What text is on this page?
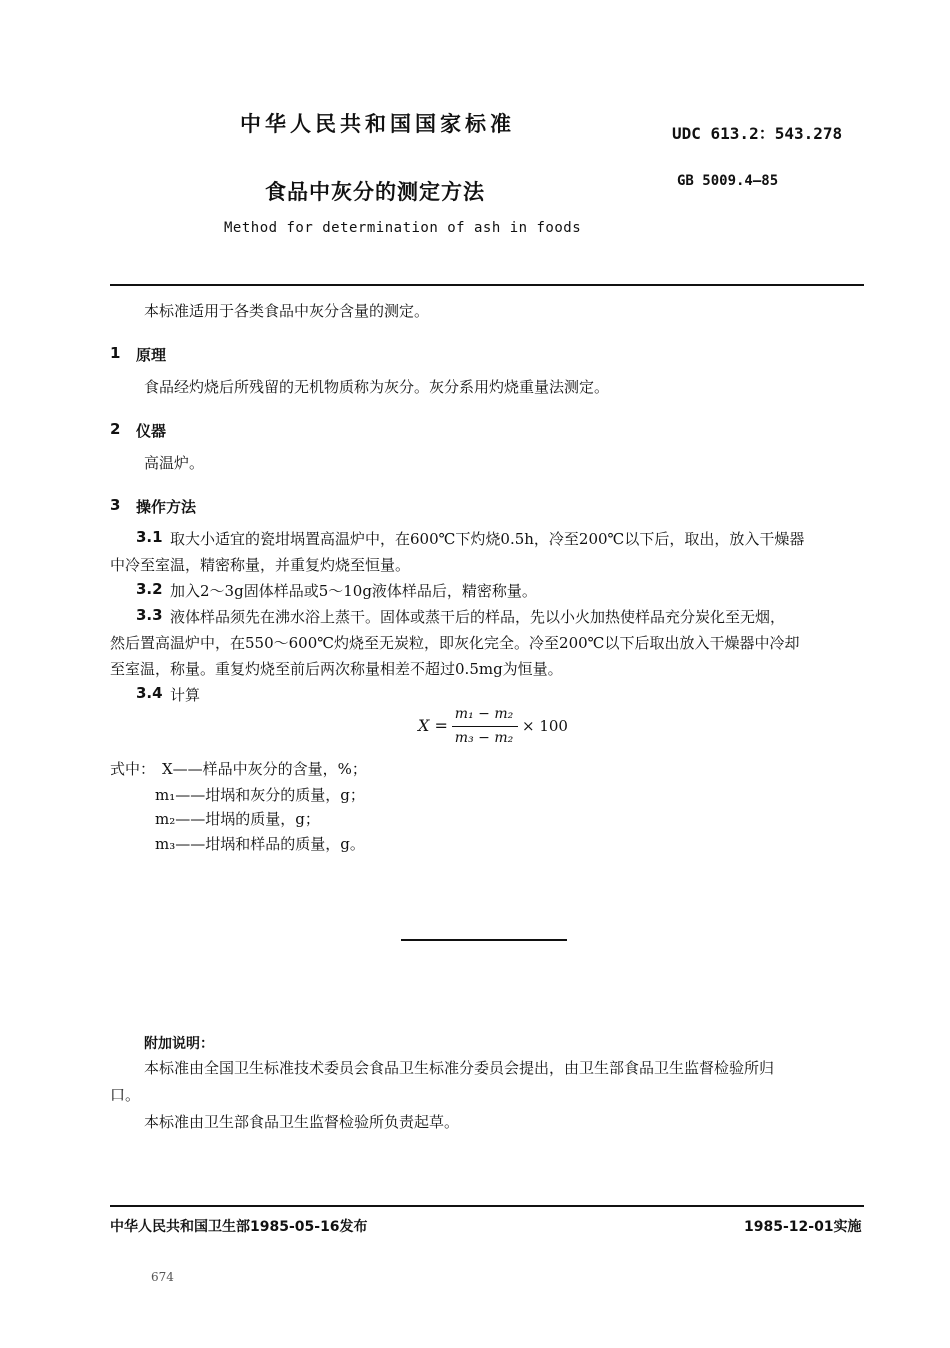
中华人民共和国国家标准	UDC 613.2：543.278
食品中灰分的测定方法	GB 5009.4—85
Method for determination of ash in foods
本标准适用于各类食品中灰分含量的测定。
1 原理
食品经灼烧后所残留的无机物质称为灰分。灰分系用灼烧重量法测定。
2 仪器
高温炉。
3 操作方法
3.1 取大小适宜的瓷坩埚置高温炉中，在600℃下灼烧0.5h，冷至200℃以下后，取出，放入干燥器
中冷至室温，精密称量，并重复灼烧至恒量。
3.2 加入2～3g固体样品或5～10g液体样品后，精密称量。
3.3 液体样品须先在沸水浴上蒸干。固体或蒸干后的样品，先以小火加热使样品充分炭化至无烟，
然后置高温炉中，在550～600℃灼烧至无炭粒，即灰化完全。冷至200℃以下后取出放入干燥器中冷却
至室温，称量。重复灼烧至前后两次称量相差不超过0.5mg为恒量。
3.4 计算
X =
m₁ − m₂
m₃ − m₂
× 100
式中： X——样品中灰分的含量，%；
m₁——坩埚和灰分的质量，g；
m₂——坩埚的质量，g；
m₃——坩埚和样品的质量，g。
附加说明：
本标准由全国卫生标准技术委员会食品卫生标准分委员会提出，由卫生部食品卫生监督检验所归
口。
本标准由卫生部食品卫生监督检验所负责起草。
中华人民共和国卫生部1985-05-16发布	1985-12-01实施
674
